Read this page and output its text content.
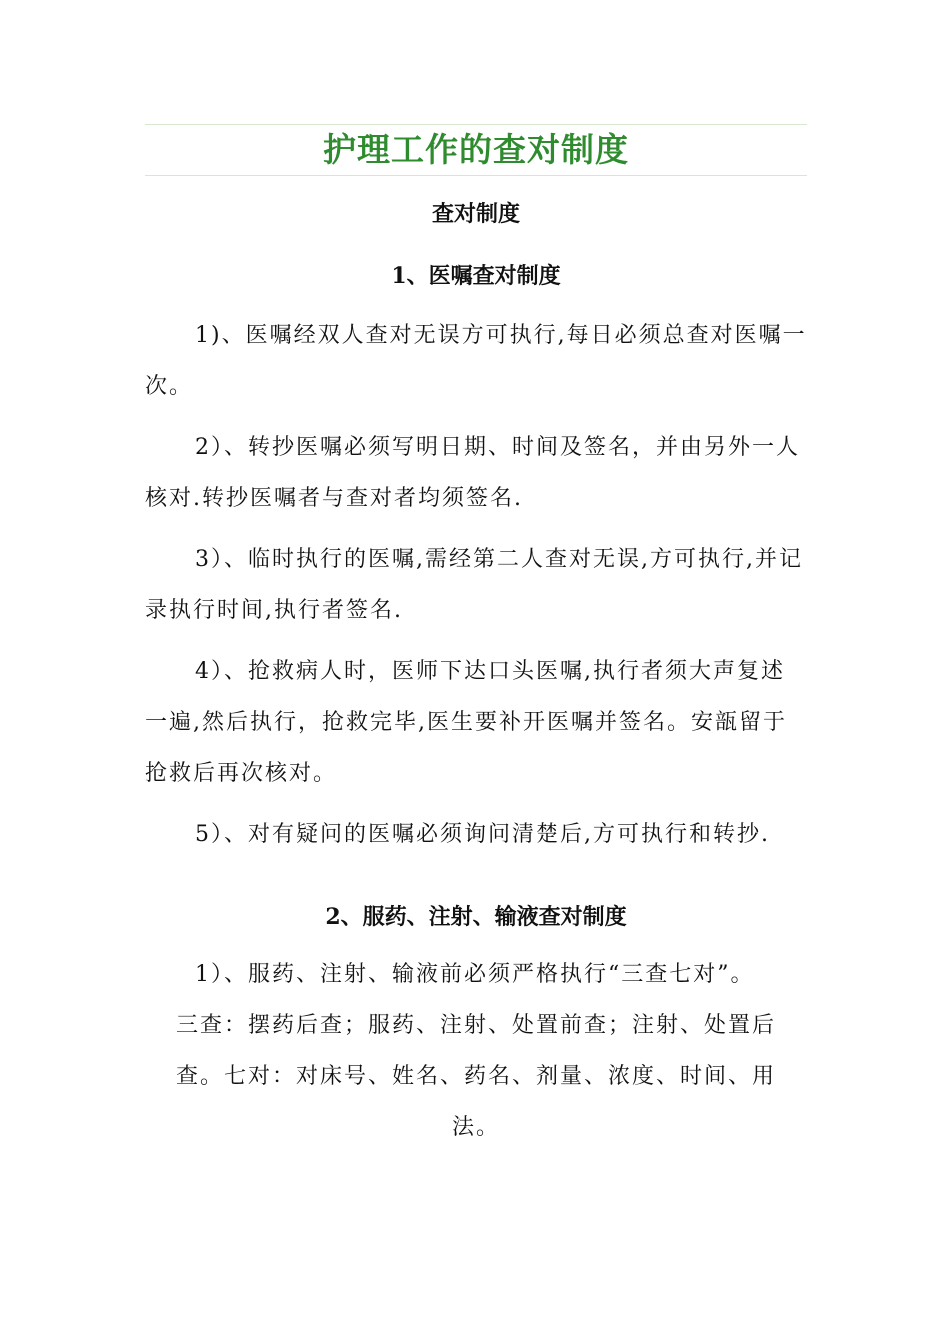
护理工作的查对制度
查对制度
1、医嘱查对制度

1)、医嘱经双人查对无误方可执行,每日必须总查对医嘱一次。

2）、转抄医嘱必须写明日期、时间及签名，并由另外一人核对.转抄医嘱者与查对者均须签名.

3）、临时执行的医嘱,需经第二人查对无误,方可执行,并记录执行时间,执行者签名.

4）、抢救病人时，医师下达口头医嘱,执行者须大声复述一遍,然后执行，抢救完毕,医生要补开医嘱并签名。安瓿留于抢救后再次核对。

5）、对有疑问的医嘱必须询问清楚后,方可执行和转抄.

2、服药、注射、输液查对制度

1）、服药、注射、输液前必须严格执行“三查七对”。

三查：摆药后查；服药、注射、处置前查；注射、处置后查。七对：对床号、姓名、药名、剂量、浓度、时间、用法。
